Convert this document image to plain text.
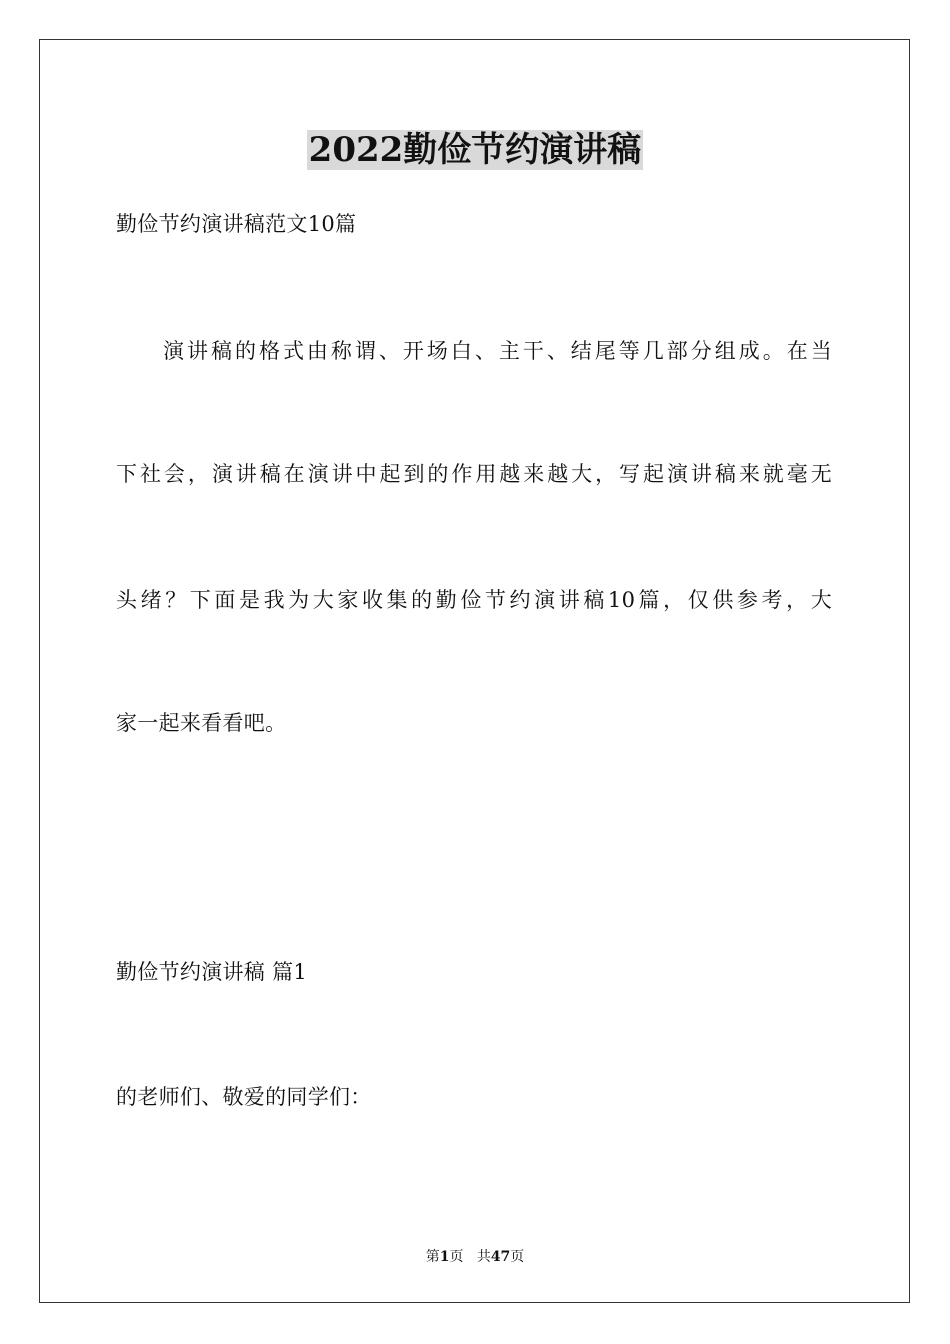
2022勤俭节约演讲稿

勤俭节约演讲稿范文10篇

演讲稿的格式由称谓、开场白、主干、结尾等几部分组成。在当

下社会，演讲稿在演讲中起到的作用越来越大，写起演讲稿来就毫无

头绪？下面是我为大家收集的勤俭节约演讲稿10篇，仅供参考，大

家一起来看看吧。

勤俭节约演讲稿 篇1

的老师们、敬爱的同学们：

第1页 共47页
